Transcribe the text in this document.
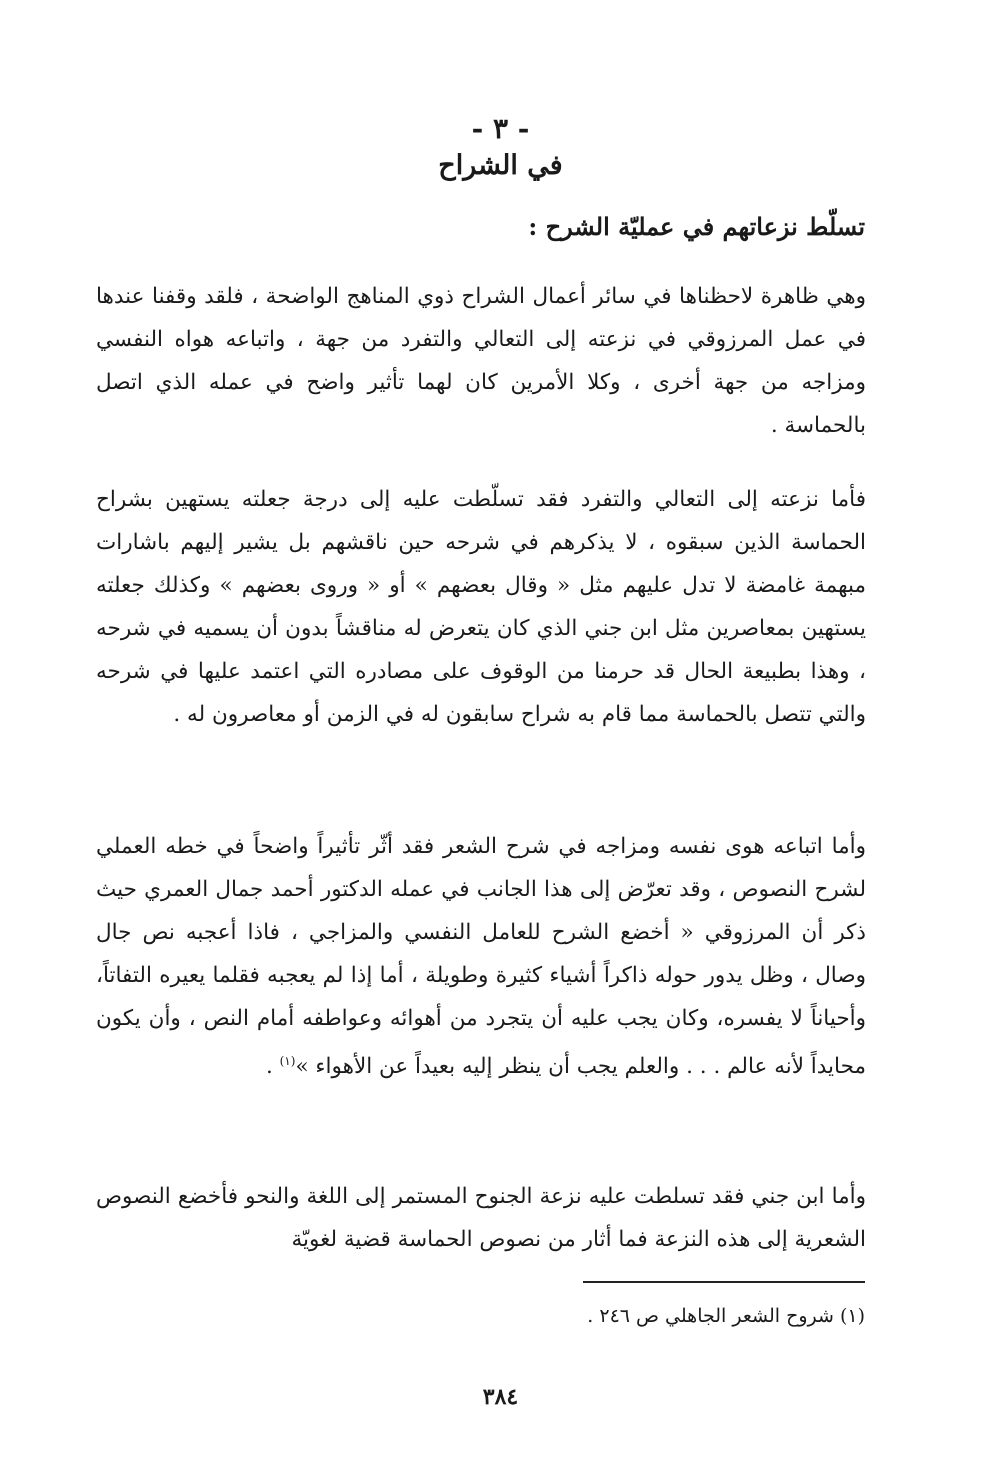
- ٣ -
في الشراح
تسلّط نزعاتهم في عمليّة الشرح :

وهي ظاهرة لاحظناها في سائر أعمال الشراح ذوي المناهج الواضحة ، فلقد وقفنا عندها في عمل المرزوقي في نزعته إلى التعالي والتفرد من جهة ، واتباعه هواه النفسي ومزاجه من جهة أخرى ، وكلا الأمرين كان لهما تأثير واضح في عمله الذي اتصل بالحماسة .

فأما نزعته إلى التعالي والتفرد فقد تسلّطت عليه إلى درجة جعلته يستهين بشراح الحماسة الذين سبقوه ، لا يذكرهم في شرحه حين ناقشهم بل يشير إليهم باشارات مبهمة غامضة لا تدل عليهم مثل « وقال بعضهم » أو « وروى بعضهم » وكذلك جعلته يستهين بمعاصرين مثل ابن جني الذي كان يتعرض له مناقشاً بدون أن يسميه في شرحه ، وهذا بطبيعة الحال قد حرمنا من الوقوف على مصادره التي اعتمد عليها في شرحه والتي تتصل بالحماسة مما قام به شراح سابقون له في الزمن أو معاصرون له .

وأما اتباعه هوى نفسه ومزاجه في شرح الشعر فقد أثّر تأثيراً واضحاً في خطه العملي لشرح النصوص ، وقد تعرّض إلى هذا الجانب في عمله الدكتور أحمد جمال العمري حيث ذكر أن المرزوقي « أخضع الشرح للعامل النفسي والمزاجي ، فاذا أعجبه نص جال وصال ، وظل يدور حوله ذاكراً أشياء كثيرة وطويلة ، أما إذا لم يعجبه فقلما يعيره التفاتاً، وأحياناً لا يفسره، وكان يجب عليه أن يتجرد من أهوائه وعواطفه أمام النص ، وأن يكون محايداً لأنه عالم . . . والعلم يجب أن ينظر إليه بعيداً عن الأهواء »$^{(١)}$ .

وأما ابن جني فقد تسلطت عليه نزعة الجنوح المستمر إلى اللغة والنحو فأخضع النصوص الشعرية إلى هذه النزعة فما أثار من نصوص الحماسة قضية لغويّة

(١) شروح الشعر الجاهلي ص ٢٤٦ .
٣٨٤
